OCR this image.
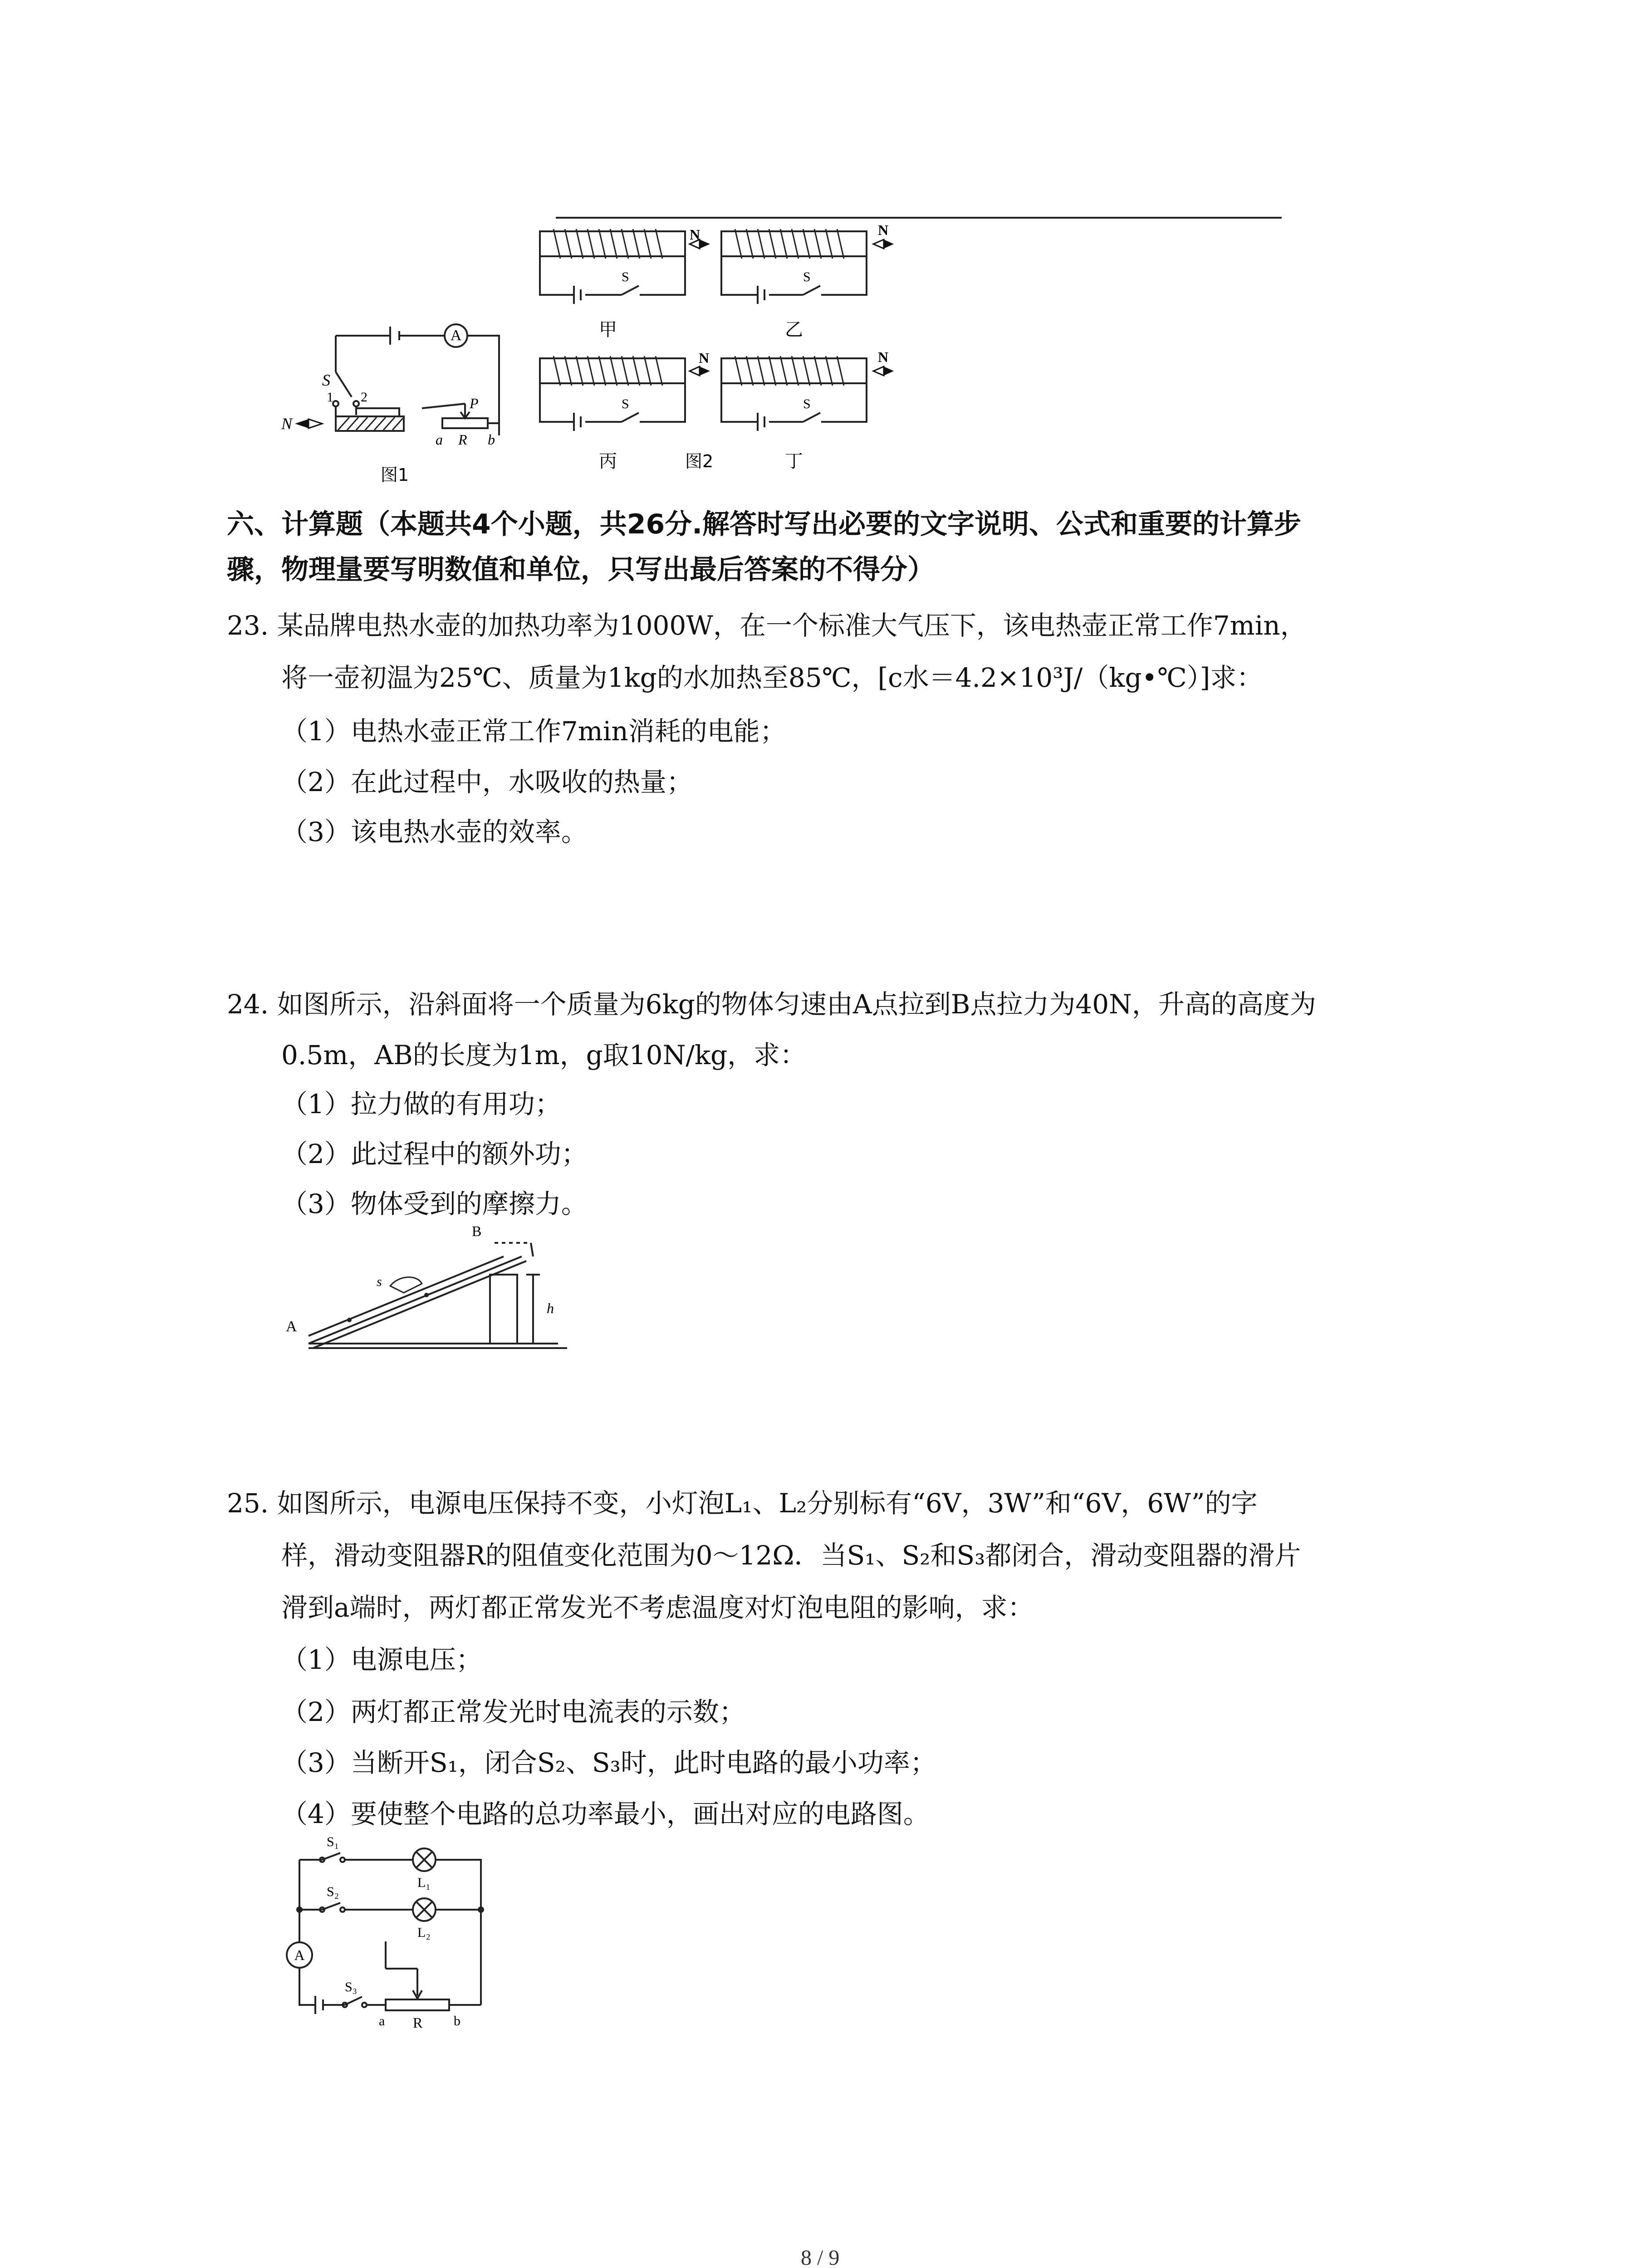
A
S
1 2
N
P
a R b
图1
N	N
N	N
S	S
S	S
甲	乙
丙	丁
图2
六、计算题（本题共4个小题，共26分.解答时写出必要的文字说明、公式和重要的计算步
骤，物理量要写明数值和单位，只写出最后答案的不得分）
23. 某品牌电热水壶的加热功率为1000W，在一个标准大气压下，该电热壶正常工作7min，
将一壶初温为25℃、质量为1kg的水加热至85℃，[c水＝4.2×10³J/（kg•℃）]求：
（1）电热水壶正常工作7min消耗的电能；
（2）在此过程中，水吸收的热量；
（3）该电热水壶的效率。
24. 如图所示，沿斜面将一个质量为6kg的物体匀速由A点拉到B点拉力为40N，升高的高度为
0.5m，AB的长度为1m，g取10N/kg，求：
（1）拉力做的有用功；
（2）此过程中的额外功；
（3）物体受到的摩擦力。
A
B
s
h
25. 如图所示，电源电压保持不变，小灯泡L₁、L₂分别标有“6V，3W”和“6V，6W”的字
样，滑动变阻器R的阻值变化范围为0～12Ω．当S₁、S₂和S₃都闭合，滑动变阻器的滑片
滑到a端时，两灯都正常发光不考虑温度对灯泡电阻的影响，求：
（1）电源电压；
（2）两灯都正常发光时电流表的示数；
（3）当断开S₁，闭合S₂、S₃时，此时电路的最小功率；
（4）要使整个电路的总功率最小，画出对应的电路图。
A
S₁
S₂
S₃
L₁
L₂
a R b
8 / 9
